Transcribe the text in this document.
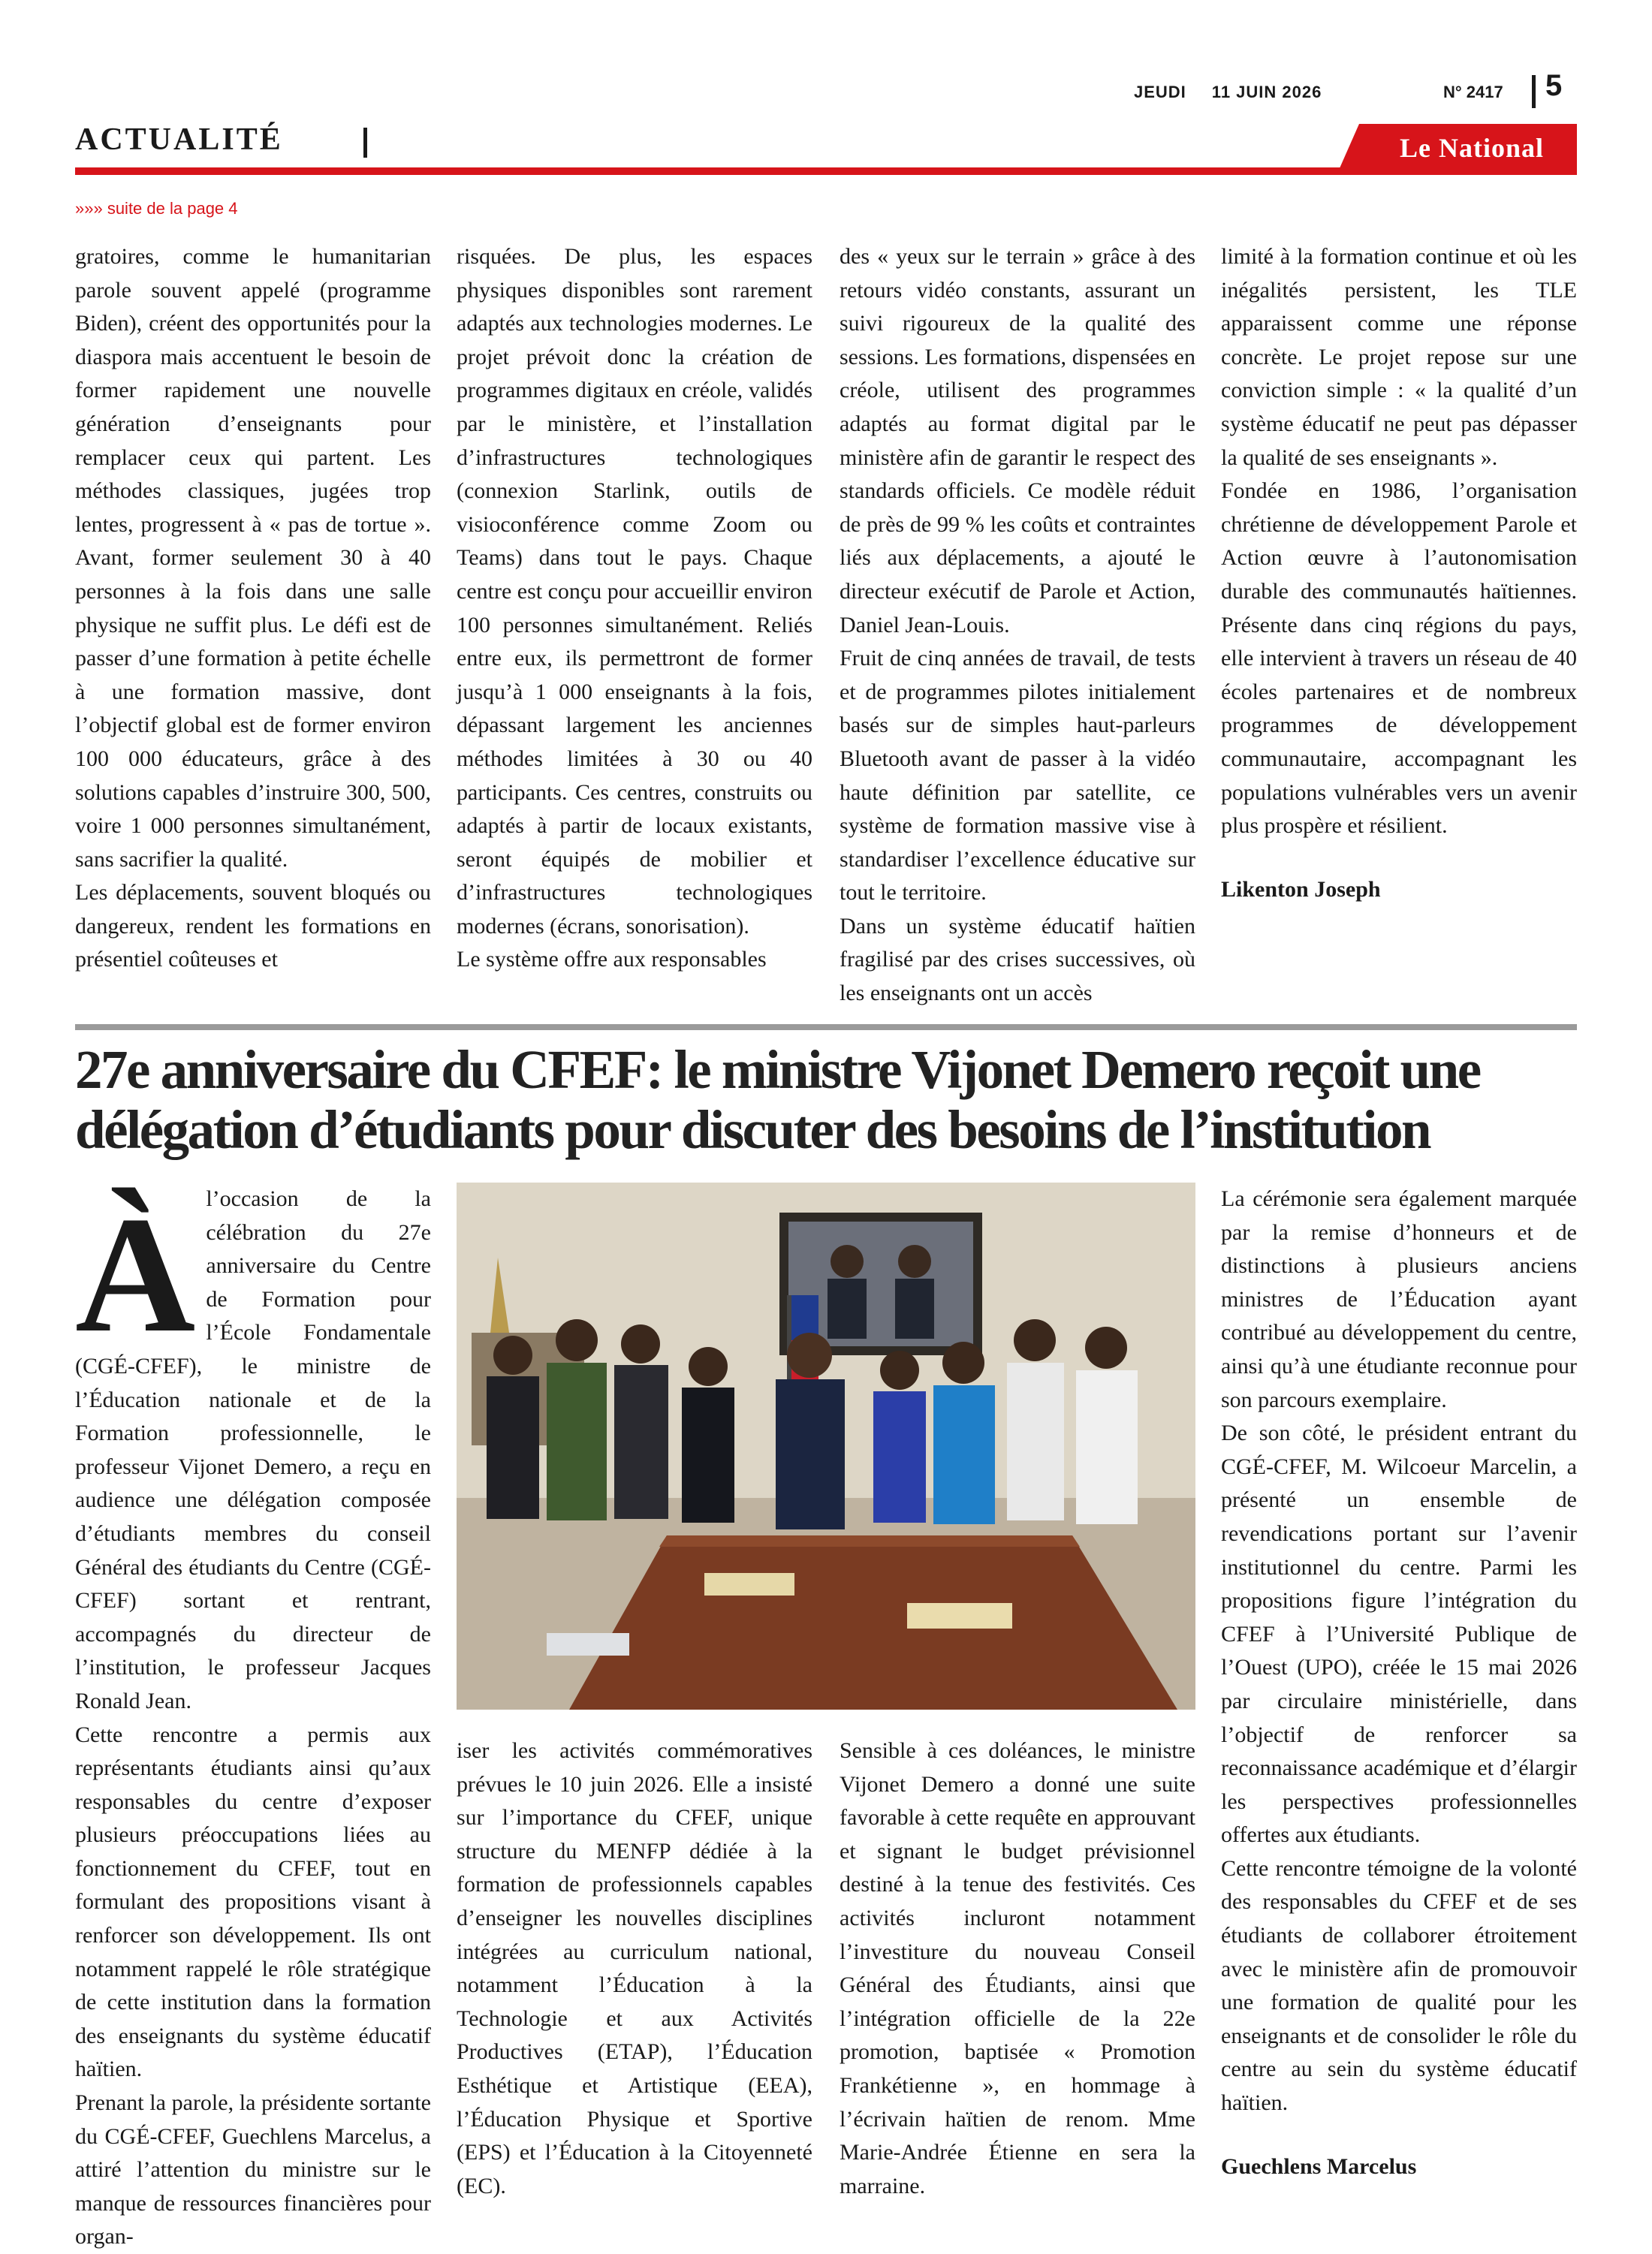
JEUDI 11 JUIN 2026	N° 2417 5
ACTUALITÉ	Le National
»»» suite de la page 4

gratoires, comme le humanitarian parole souvent appelé (programme Biden), créent des opportunités pour la diaspora mais accentuent le besoin de former rapidement une nouvelle génération d’enseignants pour remplacer ceux qui partent. Les méthodes classiques, jugées trop lentes, progressent à « pas de tortue ». Avant, former seulement 30 à 40 personnes à la fois dans une salle physique ne suffit plus. Le défi est de passer d’une formation à petite échelle à une formation massive, dont l’objectif global est de former environ 100 000 éducateurs, grâce à des solutions capables d’instruire 300, 500, voire 1 000 personnes simultanément, sans sacrifier la qualité.

Les déplacements, souvent bloqués ou dangereux, rendent les formations en présentiel coûteuses et

risquées. De plus, les espaces physiques disponibles sont rarement adaptés aux technologies modernes. Le projet prévoit donc la création de programmes digitaux en créole, validés par le ministère, et l’installation d’infrastructures technologiques (connexion Starlink, outils de visioconférence comme Zoom ou Teams) dans tout le pays. Chaque centre est conçu pour accueillir environ 100 personnes simultanément. Reliés entre eux, ils permettront de former jusqu’à 1 000 enseignants à la fois, dépassant largement les anciennes méthodes limitées à 30 ou 40 participants. Ces centres, construits ou adaptés à partir de locaux existants, seront équipés de mobilier et d’infrastructures technologiques modernes (écrans, sonorisation).

Le système offre aux responsables

des « yeux sur le terrain » grâce à des retours vidéo constants, assurant un suivi rigoureux de la qualité des sessions. Les formations, dispensées en créole, utilisent des programmes adaptés au format digital par le ministère afin de garantir le respect des standards officiels. Ce modèle réduit de près de 99 % les coûts et contraintes liés aux déplacements, a ajouté le directeur exécutif de Parole et Action, Daniel Jean-Louis.

Fruit de cinq années de travail, de tests et de programmes pilotes initialement basés sur de simples haut-parleurs Bluetooth avant de passer à la vidéo haute définition par satellite, ce système de formation massive vise à standardiser l’excellence éducative sur tout le territoire.

Dans un système éducatif haïtien fragilisé par des crises successives, où les enseignants ont un accès

limité à la formation continue et où les inégalités persistent, les TLE apparaissent comme une réponse concrète. Le projet repose sur une conviction simple : « la qualité d’un système éducatif ne peut pas dépasser la qualité de ses enseignants ».

Fondée en 1986, l’organisation chrétienne de développement Parole et Action œuvre à l’autonomisation durable des communautés haïtiennes. Présente dans cinq régions du pays, elle intervient à travers un réseau de 40 écoles partenaires et de nombreux programmes de développement communautaire, accompagnant les populations vulnérables vers un avenir plus prospère et résilient.

Likenton Joseph

27e anniversaire du CFEF: le ministre Vijonet Demero reçoit une délégation d’étudiants pour discuter des besoins de l’institution
À l’occasion de la célébration du 27e anniversaire du Centre de Formation pour l’École Fondamentale (CGÉ-CFEF), le ministre de l’Éducation nationale et de la Formation professionnelle, le professeur Vijonet Demero, a reçu en audience une délégation composée d’étudiants membres du conseil Général des étudiants du Centre (CGÉ-CFEF) sortant et rentrant, accompagnés du directeur de l’institution, le professeur Jacques Ronald Jean.

Cette rencontre a permis aux représentants étudiants ainsi qu’aux responsables du centre d’exposer plusieurs préoccupations liées au fonctionnement du CFEF, tout en formulant des propositions visant à renforcer son développement. Ils ont notamment rappelé le rôle stratégique de cette institution dans la formation des enseignants du système éducatif haïtien.

Prenant la parole, la présidente sortante du CGÉ-CFEF, Guechlens Marcelus, a attiré l’attention du ministre sur le manque de ressources financières pour organ-

iser les activités commémoratives prévues le 10 juin 2026. Elle a insisté sur l’importance du CFEF, unique structure du MENFP dédiée à la formation de professionnels capables d’enseigner les nouvelles disciplines intégrées au curriculum national, notamment l’Éducation à la Technologie et aux Activités Productives (ETAP), l’Éducation Esthétique et Artistique (EEA), l’Éducation Physique et Sportive (EPS) et l’Éducation à la Citoyenneté (EC).

Sensible à ces doléances, le ministre Vijonet Demero a donné une suite favorable à cette requête en approuvant et signant le budget prévisionnel destiné à la tenue des festivités. Ces activités incluront notamment l’investiture du nouveau Conseil Général des Étudiants, ainsi que l’intégration officielle de la 22e promotion, baptisée « Promotion Frankétienne », en hommage à l’écrivain haïtien de renom. Mme Marie-Andrée Étienne en sera la marraine.

La cérémonie sera également marquée par la remise d’honneurs et de distinctions à plusieurs anciens ministres de l’Éducation ayant contribué au développement du centre, ainsi qu’à une étudiante reconnue pour son parcours exemplaire.

De son côté, le président entrant du CGÉ-CFEF, M. Wilcoeur Marcelin, a présenté un ensemble de revendications portant sur l’avenir institutionnel du centre. Parmi les propositions figure l’intégration du CFEF à l’Université Publique de l’Ouest (UPO), créée le 15 mai 2026 par circulaire ministérielle, dans l’objectif de renforcer sa reconnaissance académique et d’élargir les perspectives professionnelles offertes aux étudiants.

Cette rencontre témoigne de la volonté des responsables du CFEF et de ses étudiants de collaborer étroitement avec le ministère afin de promouvoir une formation de qualité pour les enseignants et de consolider le rôle du centre au sein du système éducatif haïtien.

Guechlens Marcelus
